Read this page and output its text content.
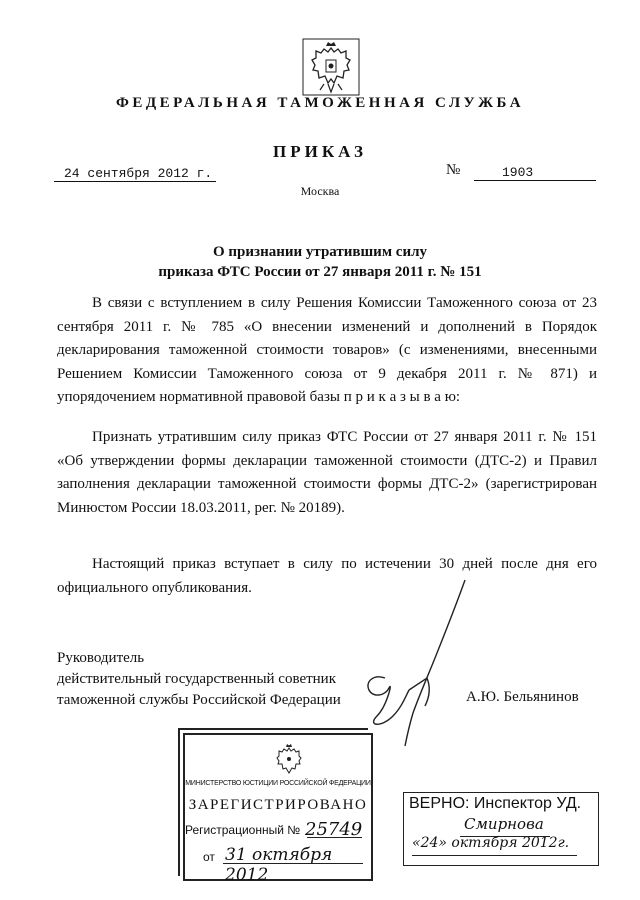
ФЕДЕРАЛЬНАЯ ТАМОЖЕННАЯ СЛУЖБА
ПРИКАЗ
24 сентября 2012 г.	№	1903
Москва
О признании утратившим силу
приказа ФТС России от 27 января 2011 г. № 151
В связи с вступлением в силу Решения Комиссии Таможенного союза от 23 сентября 2011 г. № 785 «О внесении изменений и дополнений в Порядок декларирования таможенной стоимости товаров» (с изменениями, внесенными Решением Комиссии Таможенного союза от 9 декабря 2011 г. № 871) и упорядочением нормативной правовой базы п р и к а з ы в а ю:
Признать утратившим силу приказ ФТС России от 27 января 2011 г. № 151 «Об утверждении формы декларации таможенной стоимости (ДТС-2) и Правил заполнения декларации таможенной стоимости формы ДТС-2» (зарегистрирован Минюстом России 18.03.2011, рег. № 20189).
Настоящий приказ вступает в силу по истечении 30 дней после дня его официального опубликования.
Руководитель
действительный государственный советник
таможенной службы Российской Федерации	А.Ю. Бельянинов
МИНИСТЕРСТВО ЮСТИЦИИ РОССИЙСКОЙ ФЕДЕРАЦИИ
ЗАРЕГИСТРИРОВАНО
Регистрационный № 25749
от 31 октября 2012
ВЕРНО: Инспектор УД.
Смирнова
«24» октября 2012г.
